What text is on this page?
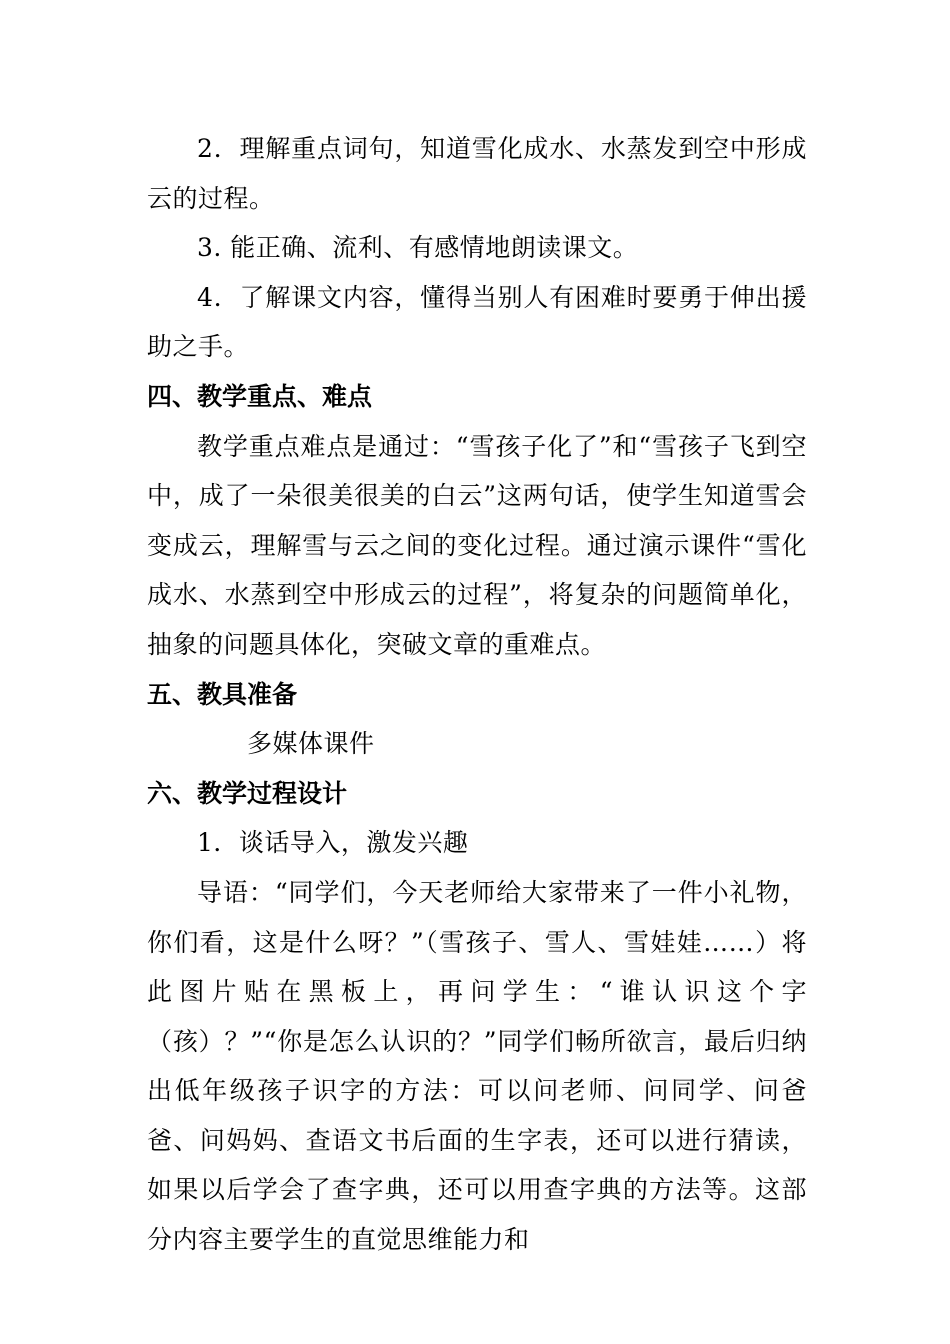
2．理解重点词句，知道雪化成水、水蒸发到空中形成云的过程。

3. 能正确、流利、有感情地朗读课文。

4．了解课文内容，懂得当别人有困难时要勇于伸出援助之手。

四、教学重点、难点

教学重点难点是通过：“雪孩子化了”和“雪孩子飞到空中，成了一朵很美很美的白云”这两句话，使学生知道雪会变成云，理解雪与云之间的变化过程。通过演示课件“雪化成水、水蒸到空中形成云的过程”，将复杂的问题简单化，抽象的问题具体化，突破文章的重难点。

五、教具准备

多媒体课件

六、教学过程设计

1．谈话导入，激发兴趣

导语：“同学们，今天老师给大家带来了一件小礼物，你们看，这是什么呀？”（雪孩子、雪人、雪娃娃……）将此图片贴在黑板上，再问学生：“谁认识这个字（孩）？”“你是怎么认识的？”同学们畅所欲言，最后归纳出低年级孩子识字的方法：可以问老师、问同学、问爸爸、问妈妈、查语文书后面的生字表，还可以进行猜读，如果以后学会了查字典，还可以用查字典的方法等。这部分内容主要学生的直觉思维能力和
